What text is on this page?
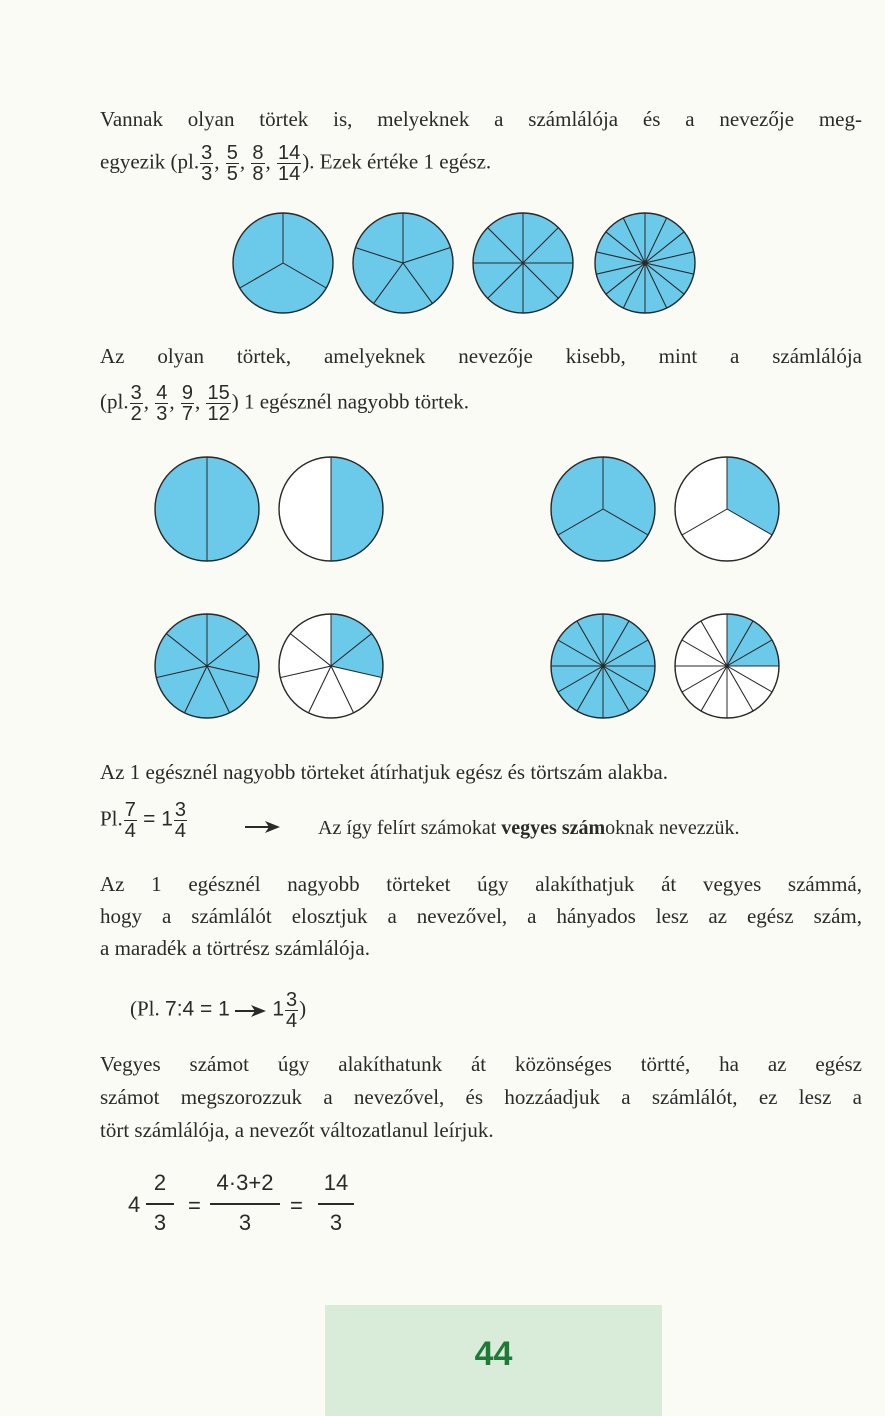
Vannak olyan törtek is, melyeknek a számlálója és a nevezője meg-
egyezik (pl. $\frac{3}{3}$ , $\frac{5}{5}$ , $\frac{8}{8}$ , $\frac{14}{14}$ ). Ezek értéke 1 egész.
Az olyan törtek, amelyeknek nevezője kisebb, mint a számlálója
(pl. $\frac{3}{2}$ , $\frac{4}{3}$ , $\frac{9}{7}$ , $\frac{15}{12}$ ) 1 egésznél nagyobb törtek.
Az 1 egésznél nagyobb törteket átírhatjuk egész és törtszám alakba.
Pl. $\frac{7}{4} = 1 \frac{3}{4}$	Az így felírt számokat vegyes számoknak nevezzük.
Az 1 egésznél nagyobb törteket úgy alakíthatjuk át vegyes számmá,
hogy a számlálót elosztjuk a nevezővel, a hányados lesz az egész szám,
a maradék a törtrész számlálója.
(Pl. 7:4 = 1 $1 \frac{3}{4}$ )
Vegyes számot úgy alakíthatunk át közönséges törtté, ha az egész
számot megszorozzuk a nevezővel, és hozzáadjuk a számlálót, ez lesz a
tört számlálója, a nevezőt változatlanul leírjuk.
4
2
3
=
4·3+2
3
=
14
3
44
